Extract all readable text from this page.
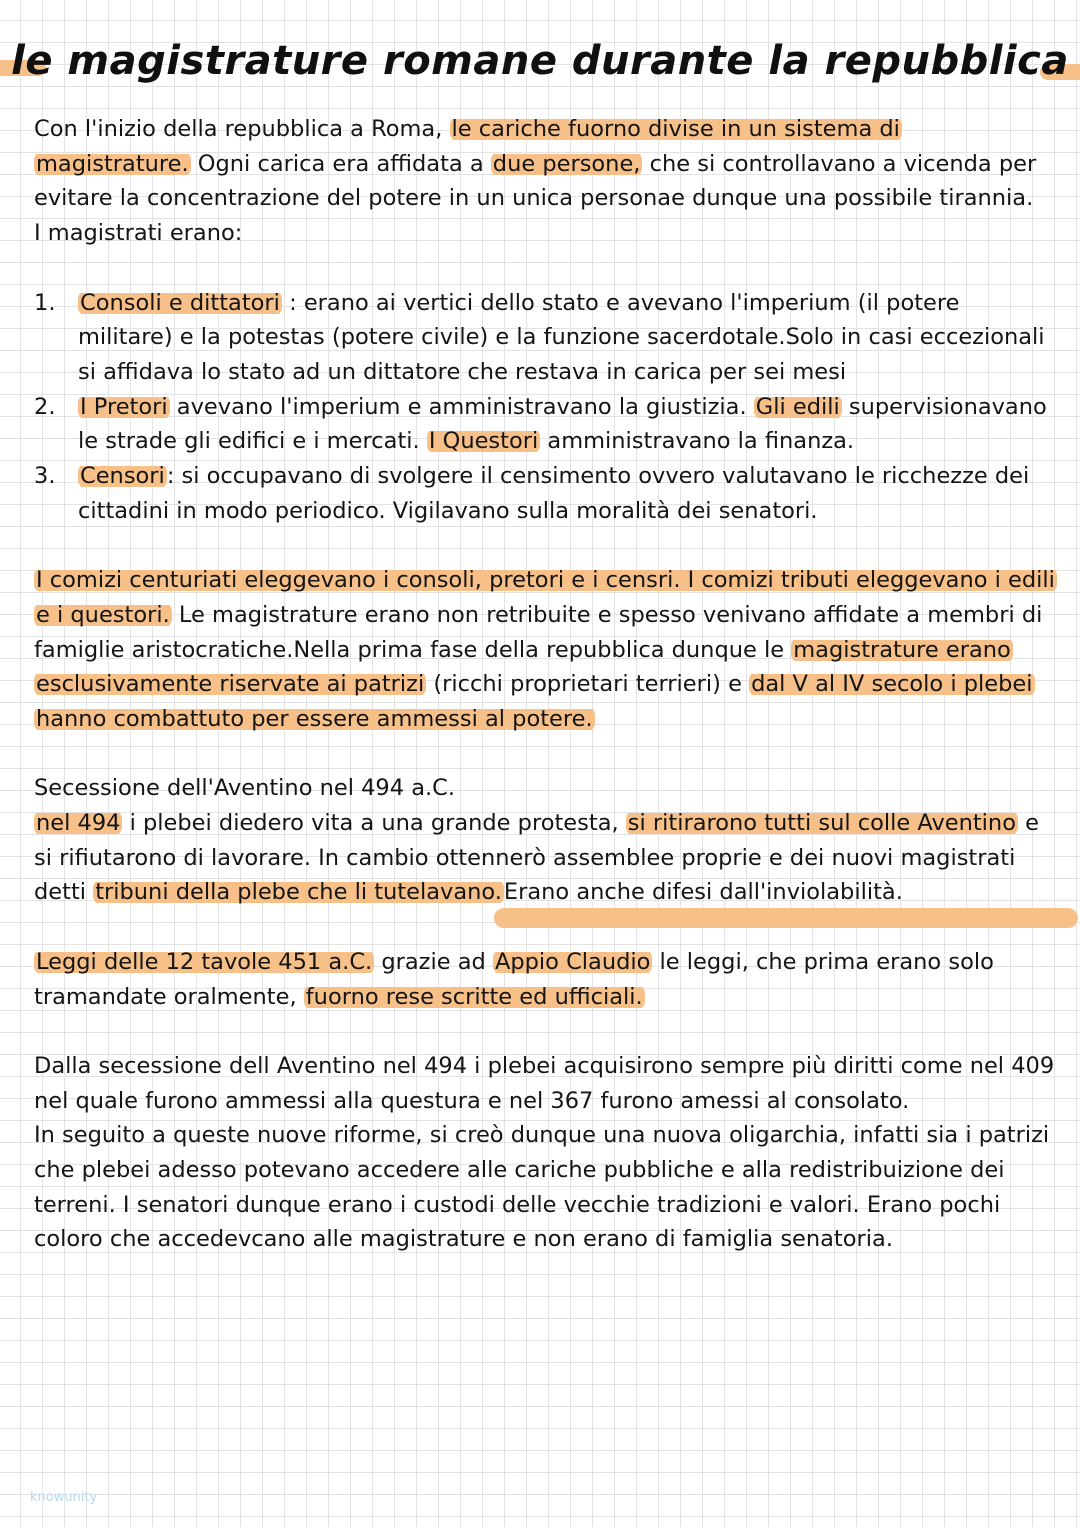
le magistrature romane durante la repubblica

Con l'inizio della repubblica a Roma, le cariche fuorno divise in un sistema di magistrature. Ogni carica era affidata a due persone, che si controllavano a vicenda per evitare la concentrazione del potere in un unica personae dunque una possibile tirannia.

I magistrati erano:

1. Consoli e dittatori : erano ai vertici dello stato e avevano l'imperium (il potere militare) e la potestas (potere civile) e la funzione sacerdotale.Solo in casi eccezionali si affidava lo stato ad un dittatore che restava in carica per sei mesi
2. I Pretori avevano l'imperium e amministravano la giustizia. Gli edili supervisionavano le strade gli edifici e i mercati. I Questori amministravano la finanza.
3. Censori: si occupavano di svolgere il censimento ovvero valutavano le ricchezze dei cittadini in modo periodico. Vigilavano sulla moralità dei senatori.

I comizi centuriati eleggevano i consoli, pretori e i censri. I comizi tributi eleggevano i edili e i questori. Le magistrature erano non retribuite e spesso venivano affidate a membri di famiglie aristocratiche.Nella prima fase della repubblica dunque le magistrature erano esclusivamente riservate ai patrizi (ricchi proprietari terrieri) e dal V al IV secolo i plebei hanno combattuto per essere ammessi al potere.

Secessione dell'Aventino nel 494 a.C.

nel 494 i plebei diedero vita a una grande protesta, si ritirarono tutti sul colle Aventino e si rifiutarono di lavorare. In cambio ottennerò assemblee proprie e dei nuovi magistrati detti tribuni della plebe che li tutelavano.Erano anche difesi dall'inviolabilità.

Leggi delle 12 tavole 451 a.C. grazie ad Appio Claudio le leggi, che prima erano solo tramandate oralmente, fuorno rese scritte ed ufficiali.

Dalla secessione dell Aventino nel 494 i plebei acquisirono sempre più diritti come nel 409 nel quale furono ammessi alla questura e nel 367 furono amessi al consolato.

In seguito a queste nuove riforme, si creò dunque una nuova oligarchia, infatti sia i patrizi che plebei adesso potevano accedere alle cariche pubbliche e alla redistribuizione dei terreni. I senatori dunque erano i custodi delle vecchie tradizioni e valori. Erano pochi coloro che accedevcano alle magistrature e non erano di famiglia senatoria.

knowunity
